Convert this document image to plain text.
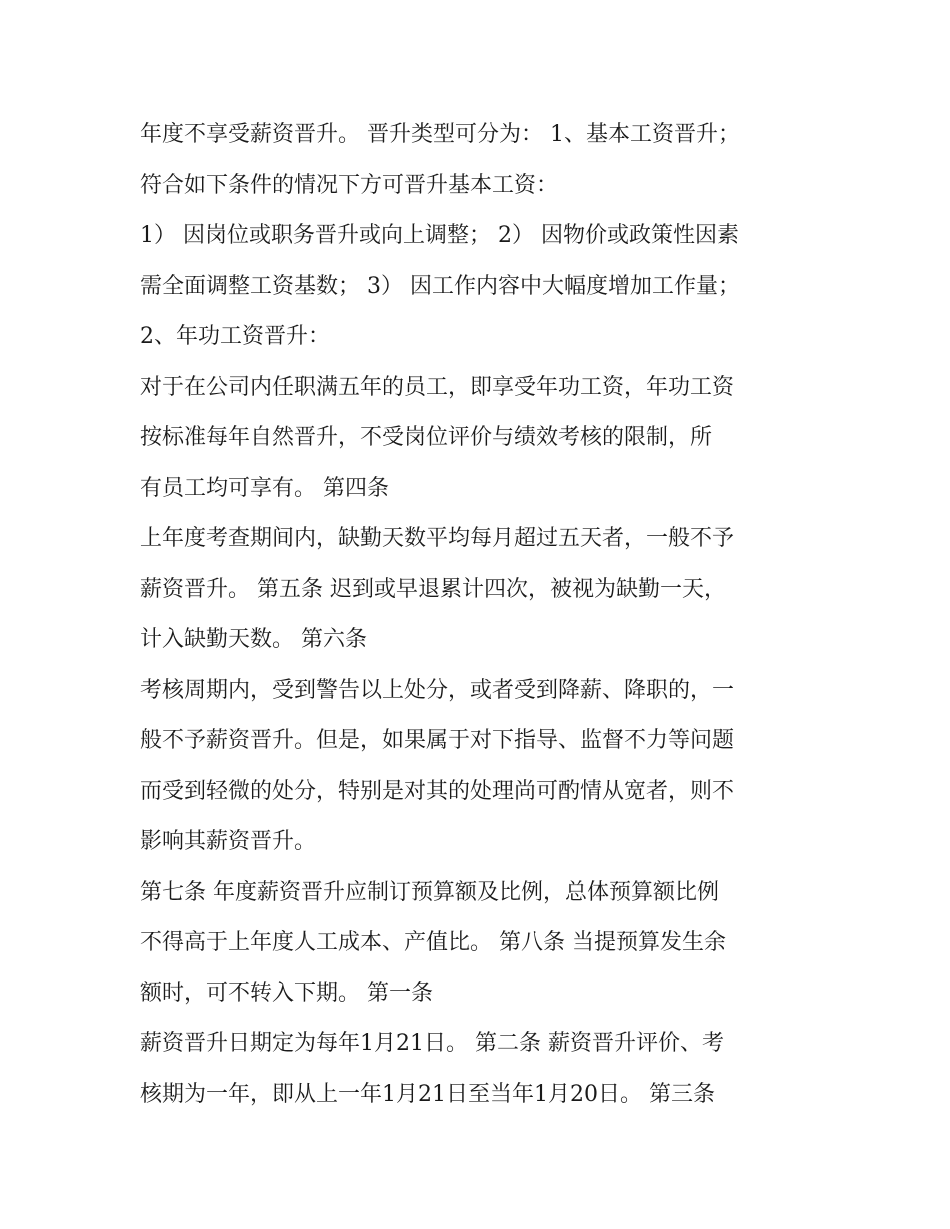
年度不享受薪资晋升。 晋升类型可分为： 1、基本工资晋升；
符合如下条件的情况下方可晋升基本工资：
1） 因岗位或职务晋升或向上调整； 2） 因物价或政策性因素
需全面调整工资基数； 3） 因工作内容中大幅度增加工作量；
2、年功工资晋升：
对于在公司内任职满五年的员工，即享受年功工资，年功工资
按标准每年自然晋升，不受岗位评价与绩效考核的限制，所
有员工均可享有。 第四条
上年度考查期间内，缺勤天数平均每月超过五天者，一般不予
薪资晋升。 第五条 迟到或早退累计四次，被视为缺勤一天，
计入缺勤天数。 第六条
考核周期内，受到警告以上处分，或者受到降薪、降职的，一
般不予薪资晋升。但是，如果属于对下指导、监督不力等问题
而受到轻微的处分，特别是对其的处理尚可酌情从宽者，则不
影响其薪资晋升。
第七条 年度薪资晋升应制订预算额及比例，总体预算额比例
不得高于上年度人工成本、产值比。 第八条 当提预算发生余
额时，可不转入下期。 第一条
薪资晋升日期定为每年1月21日。 第二条 薪资晋升评价、考
核期为一年，即从上一年1月21日至当年1月20日。 第三条
